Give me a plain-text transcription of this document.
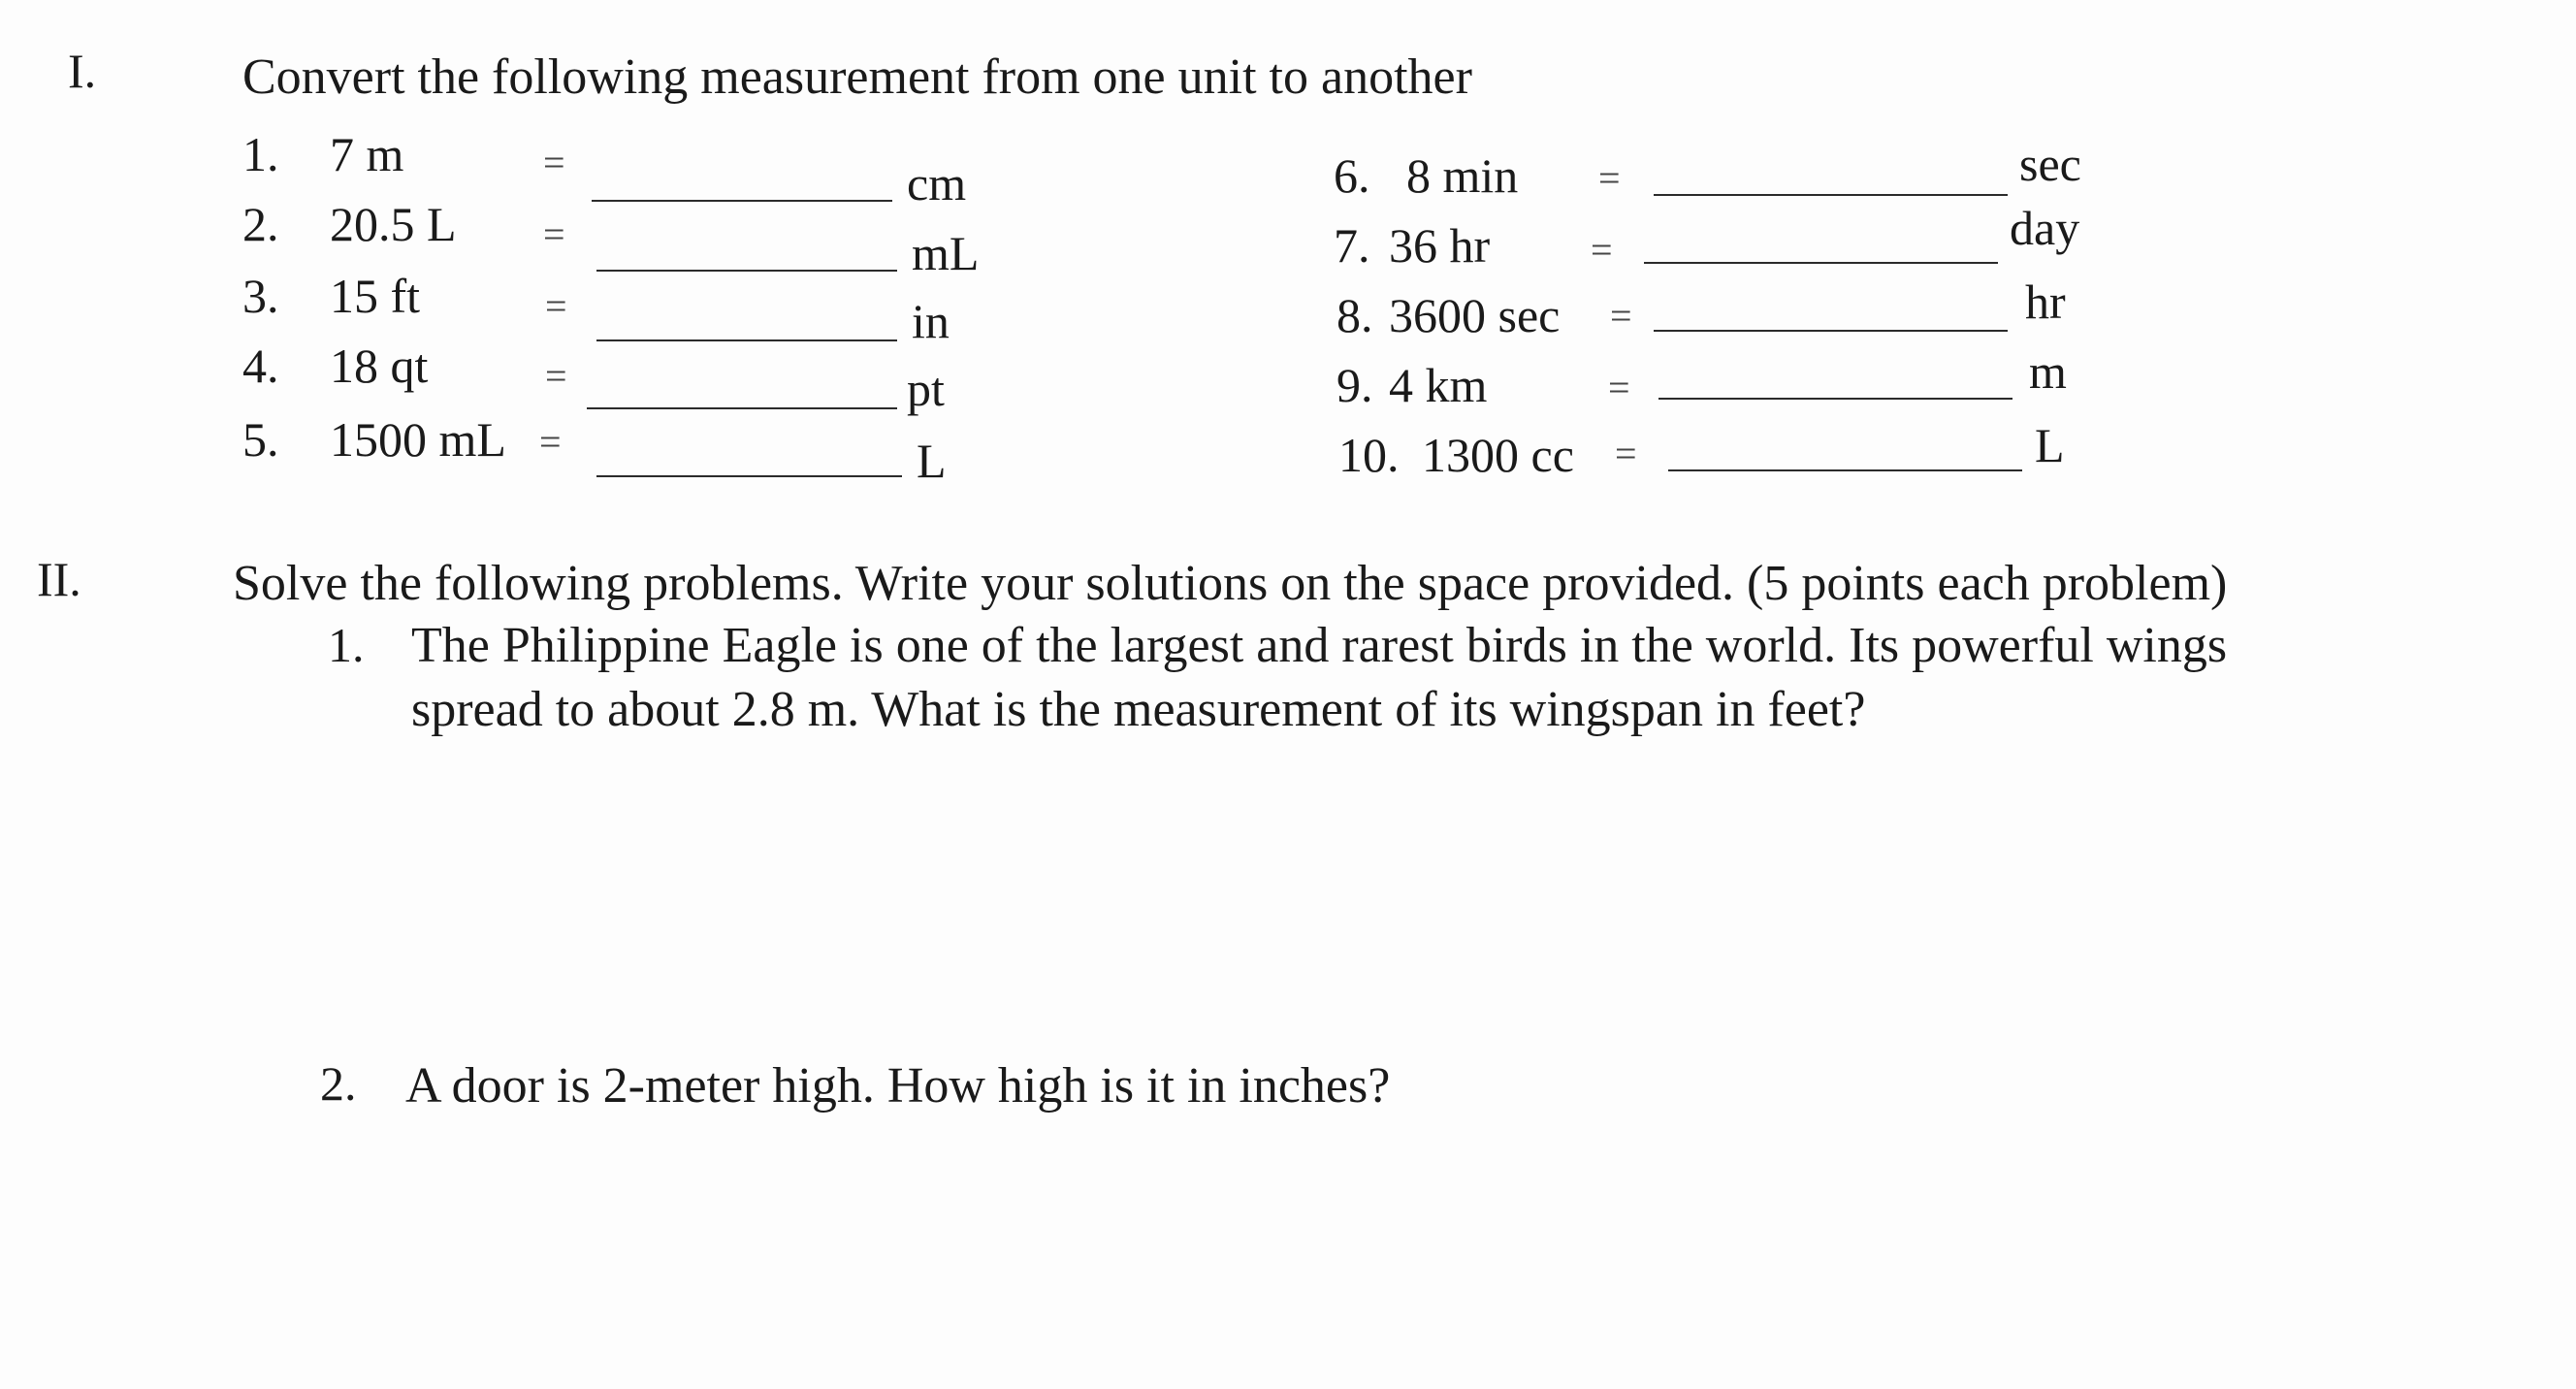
I.	Convert the following measurement from one unit to another
1. 7 m	=	cm
2. 20.5 L =	mL
3. 15 ft	=	in
4. 18 qt	=	pt
5. 1500 mL =	L
6. 8 min =	sec
7. 36 hr	=	day
8. 3600 sec =	hr
9. 4 km	=	m
10. 1300 cc =	L
II.	Solve the following problems. Write your solutions on the space provided. (5 points each problem)
1. The Philippine Eagle is one of the largest and rarest birds in the world. Its powerful wings
spread to about 2.8 m. What is the measurement of its wingspan in feet?
2. A door is 2-meter high. How high is it in inches?
